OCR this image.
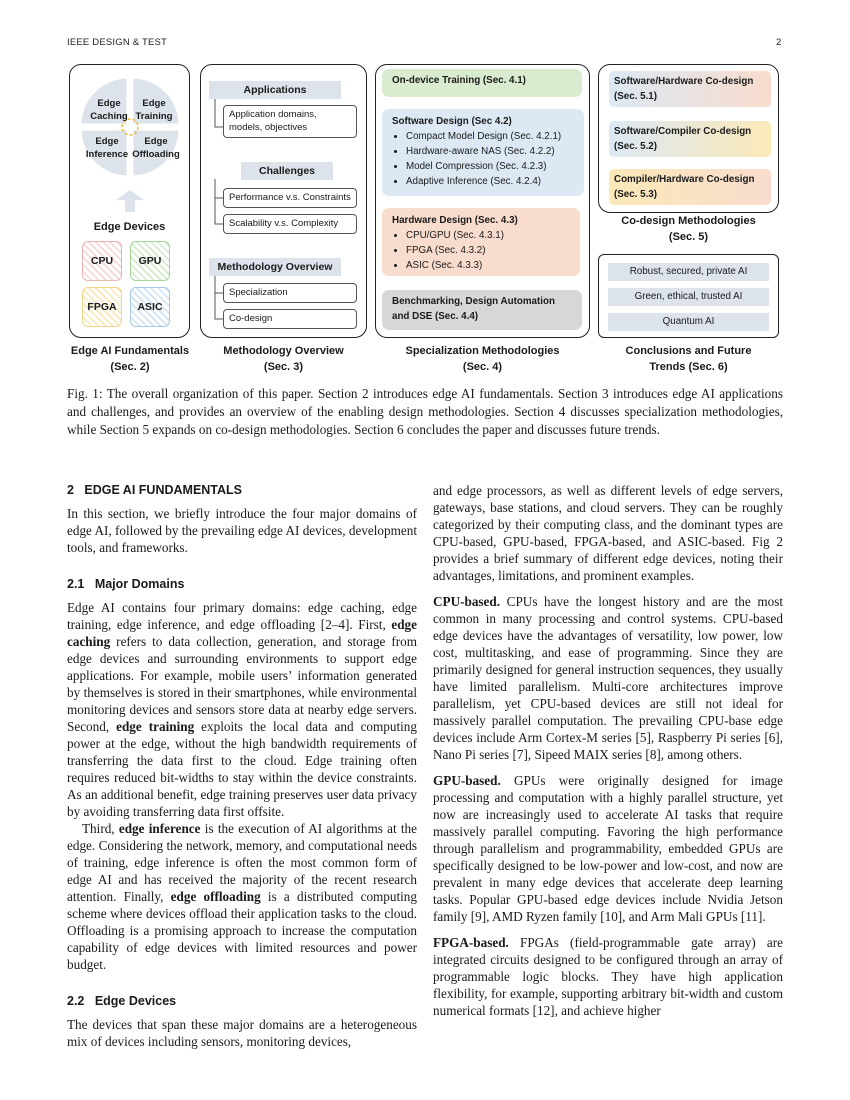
IEEE DESIGN & TEST	2
Edge
Caching
Edge
Training
Edge
Inference
Edge
Offloading
Edge Devices
CPU GPU
FPGA ASIC
Edge AI Fundamentals
(Sec. 2)
Applications
Application domains, models, objectives
Challenges
Performance v.s. Constraints
Scalability v.s. Complexity
Methodology Overview
Specialization
Co-design
Methodology Overview
(Sec. 3)
On-device Training (Sec. 4.1)
Software Design (Sec 4.2)
• Compact Model Design (Sec. 4.2.1)
• Hardware-aware NAS (Sec. 4.2.2)
• Model Compression (Sec. 4.2.3)
• Adaptive Inference (Sec. 4.2.4)
Hardware Design (Sec. 4.3)
• CPU/GPU (Sec. 4.3.1)
• FPGA (Sec. 4.3.2)
• ASIC (Sec. 4.3.3)
Benchmarking, Design Automation and DSE (Sec. 4.4)
Specialization Methodologies
(Sec. 4)
Software/Hardware Co-design (Sec. 5.1)
Software/Compiler Co-design (Sec. 5.2)
Compiler/Hardware Co-design (Sec. 5.3)
Co-design Methodologies
(Sec. 5)
Robust, secured, private AI
Green, ethical, trusted AI
Quantum AI
Conclusions and Future
Trends (Sec. 6)
Fig. 1: The overall organization of this paper. Section 2 introduces edge AI fundamentals. Section 3 introduces edge AI applications and challenges, and provides an overview of the enabling design methodologies. Section 4 discusses specialization methodologies, while Section 5 expands on co-design methodologies. Section 6 concludes the paper and discusses future trends.

2 EDGE AI FUNDAMENTALS

In this section, we briefly introduce the four major domains of edge AI, followed by the prevailing edge AI devices, development tools, and frameworks.

2.1 Major Domains

Edge AI contains four primary domains: edge caching, edge training, edge inference, and edge offloading [2–4]. First, edge caching refers to data collection, generation, and storage from edge devices and surrounding environments to support edge applications. For example, mobile users’ information generated by themselves is stored in their smartphones, while environmental monitoring devices and sensors store data at nearby edge servers. Second, edge training exploits the local data and computing power at the edge, without the high bandwidth requirements of transferring the data first to the cloud. Edge training often requires reduced bit-widths to stay within the device constraints. As an additional benefit, edge training preserves user data privacy by avoiding transferring data first offsite.

Third, edge inference is the execution of AI algorithms at the edge. Considering the network, memory, and computational needs of training, edge inference is often the most common form of edge AI and has received the majority of the recent research attention. Finally, edge offloading is a distributed computing scheme where devices offload their application tasks to the cloud. Offloading is a promising approach to increase the computation capability of edge devices with limited resources and power budget.

2.2 Edge Devices

The devices that span these major domains are a heterogeneous mix of devices including sensors, monitoring devices,

and edge processors, as well as different levels of edge servers, gateways, base stations, and cloud servers. They can be roughly categorized by their computing class, and the dominant types are CPU-based, GPU-based, FPGA-based, and ASIC-based. Fig 2 provides a brief summary of different edge devices, noting their advantages, limitations, and prominent examples.

CPU-based. CPUs have the longest history and are the most common in many processing and control systems. CPU-based edge devices have the advantages of versatility, low power, low cost, multitasking, and ease of programming. Since they are primarily designed for general instruction sequences, they usually have limited parallelism. Multi-core architectures improve parallelism, yet CPU-based devices are still not ideal for massively parallel computation. The prevailing CPU-base edge devices include Arm Cortex-M series [5], Raspberry Pi series [6], Nano Pi series [7], Sipeed MAIX series [8], among others.

GPU-based. GPUs were originally designed for image processing and computation with a highly parallel structure, yet now are increasingly used to accelerate AI tasks that require massively parallel computing. Favoring the high performance through parallelism and programmability, embedded GPUs are specifically designed to be low-power and low-cost, and now are prevalent in many edge devices that accelerate deep learning tasks. Popular GPU-based edge devices include Nvidia Jetson family [9], AMD Ryzen family [10], and Arm Mali GPUs [11].

FPGA-based. FPGAs (field-programmable gate array) are integrated circuits designed to be configured through an array of programmable logic blocks. They have high application flexibility, for example, supporting arbitrary bit-width and custom numerical formats [12], and achieve higher
